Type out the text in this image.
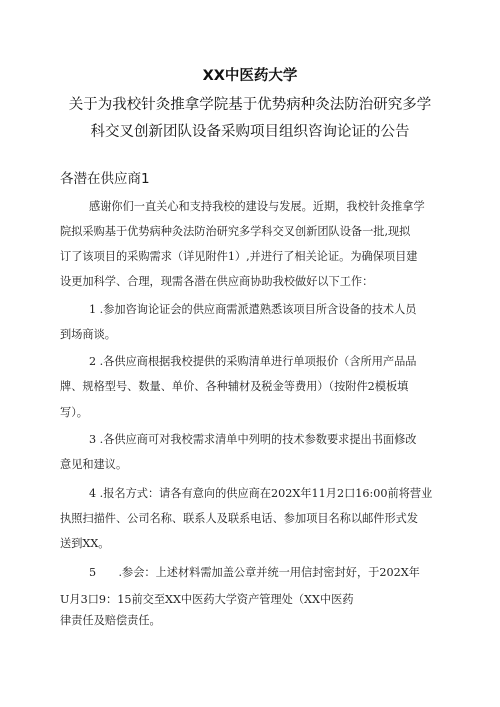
XX中医药大学
关于为我校针灸推拿学院基于优势病种灸法防治研究多学
科交叉创新团队设备采购项目组织咨询论证的公告
各潜在供应商1
感谢你们一直关心和支持我校的建设与发展。近期，我校针灸推拿学
院拟采购基于优势病种灸法防治研究多学科交叉创新团队设备一批,现拟
订了该项目的采购需求（详见附件1）,并进行了相关论证。为确保项目建
设更加科学、合理，现需各潜在供应商协助我校做好以下工作：
1 .参加咨询论证会的供应商需派遣熟悉该项目所含设备的技术人员
到场商谈。
2 .各供应商根据我校提供的采购清单进行单项报价（含所用产品品
牌、规格型号、数量、单价、各种辅材及税金等费用）（按附件2模板填
写）。
3 .各供应商可对我校需求清单中列明的技术参数要求提出书面修改
意见和建议。
4 .报名方式：请各有意向的供应商在202X年11月2口16:00前将营业
执照扫描件、公司名称、联系人及联系电话、参加项目名称以邮件形式发
送到XX。
5　　.参会：上述材料需加盖公章并统一用信封密封好，于202X年
U月3口9：15前交至XX中医药大学资产管理处（XX中医药
律责任及赔偿责任。
